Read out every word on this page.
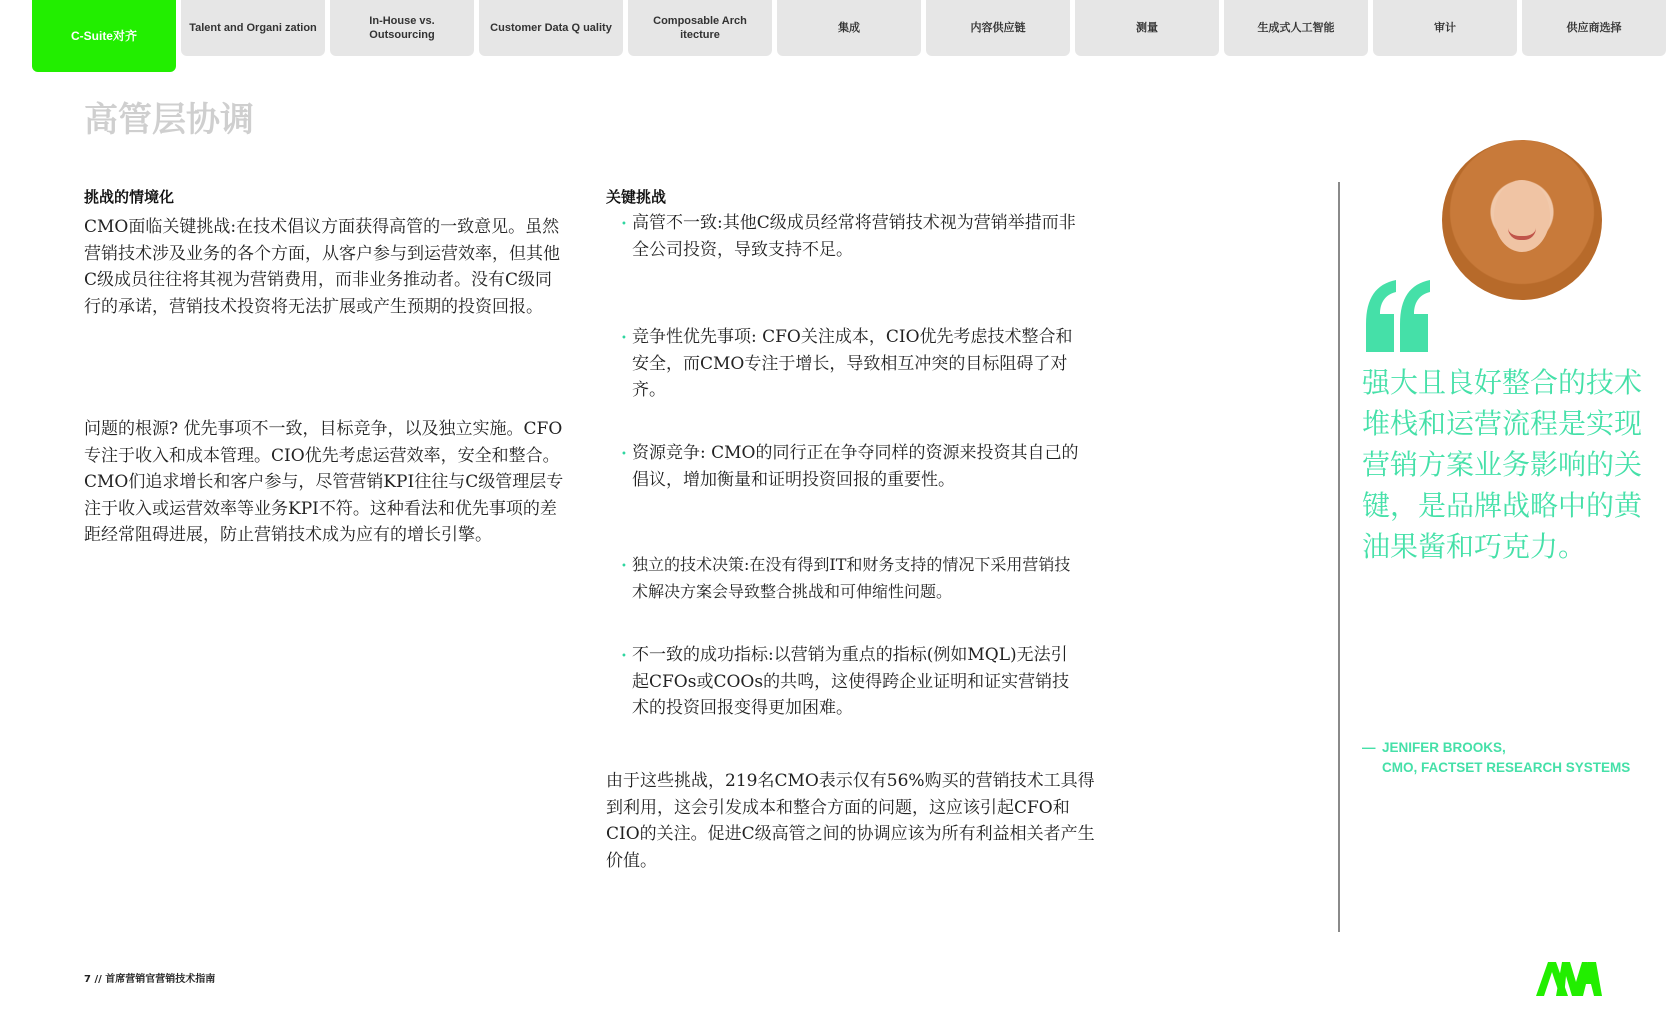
C-Suite对齐
Talent and Organi zation
In-House vs. Outsourcing
Customer Data Q uality
Composable Arch itecture
集成	内容供应链	测量	生成式人工智能	审计	供应商选择
高管层协调
挑战的情境化

CMO面临关键挑战:在技术倡议方面获得高管的一致意见。虽然营销技术涉及业务的各个方面，从客户参与到运营效率，但其他C级成员往往将其视为营销费用，而非业务推动者。没有C级同行的承诺，营销技术投资将无法扩展或产生预期的投资回报。

问题的根源? 优先事项不一致，目标竞争，以及独立实施。CFO专注于收入和成本管理。CIO优先考虑运营效率，安全和整合。 CMO们追求增长和客户参与，尽管营销KPI往往与C级管理层专注于收入或运营效率等业务KPI不符。这种看法和优先事项的差距经常阻碍进展，防止营销技术成为应有的增长引擎。

关键挑战
• 高管不一致:其他C级成员经常将营销技术视为营销举措而非全公司投资，导致支持不足。
• 竞争性优先事项: CFO关注成本，CIO优先考虑技术整合和安全，而CMO专注于增长，导致相互冲突的目标阻碍了对齐。
• 资源竞争: CMO的同行正在争夺同样的资源来投资其自己的倡议，增加衡量和证明投资回报的重要性。
• 独立的技术决策:在没有得到IT和财务支持的情况下采用营销技术解决方案会导致整合挑战和可伸缩性问题。
• 不一致的成功指标:以营销为重点的指标(例如MQL)无法引起CFOs或COOs的共鸣，这使得跨企业证明和证实营销技术的投资回报变得更加困难。

由于这些挑战，219名CMO表示仅有56%购买的营销技术工具得到利用，这会引发成本和整合方面的问题，这应该引起CFO和CIO的关注。促进C级高管之间的协调应该为所有利益相关者产生价值。

强大且良好整合的技术堆栈和运营流程是实现营销方案业务影响的关键，是品牌战略中的黄油果酱和巧克力。

— JENIFER BROOKS,
CMO, FACTSET RESEARCH SYSTEMS
7 // 首席营销官营销技术指南
